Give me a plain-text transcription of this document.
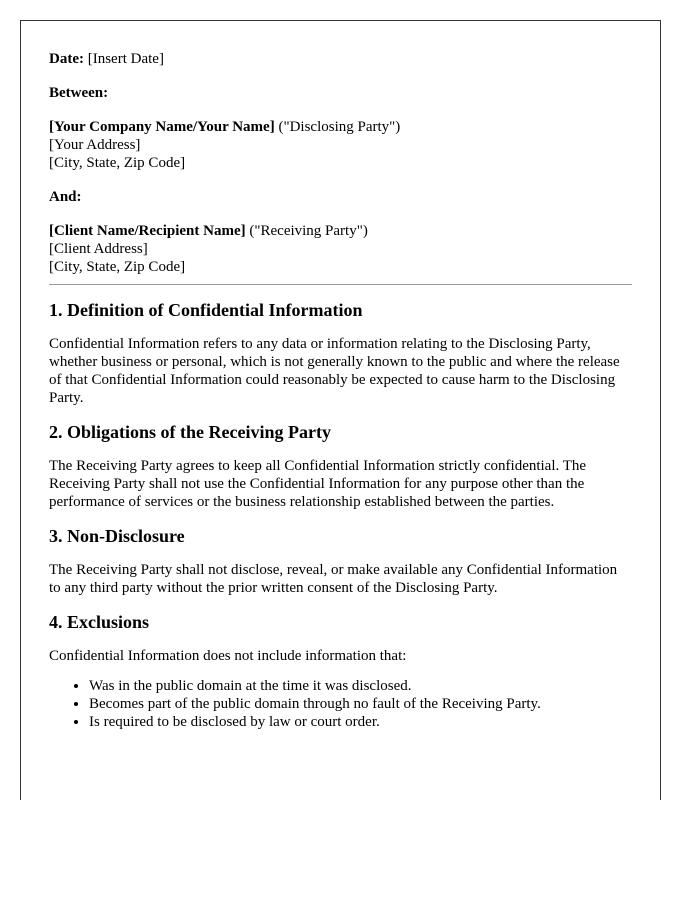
Date: [Insert Date]

Between:

[Your Company Name/Your Name] ("Disclosing Party")

[Your Address]

[City, State, Zip Code]

And:

[Client Name/Recipient Name] ("Receiving Party")

[Client Address]

[City, State, Zip Code]

1. Definition of Confidential Information

Confidential Information refers to any data or information relating to the Disclosing Party, whether business or personal, which is not generally known to the public and where the release of that Confidential Information could reasonably be expected to cause harm to the Disclosing Party.

2. Obligations of the Receiving Party

The Receiving Party agrees to keep all Confidential Information strictly confidential. The Receiving Party shall not use the Confidential Information for any purpose other than the performance of services or the business relationship established between the parties.

3. Non-Disclosure

The Receiving Party shall not disclose, reveal, or make available any Confidential Information to any third party without the prior written consent of the Disclosing Party.

4. Exclusions

Confidential Information does not include information that:

• Was in the public domain at the time it was disclosed.
• Becomes part of the public domain through no fault of the Receiving Party.
• Is required to be disclosed by law or court order.
